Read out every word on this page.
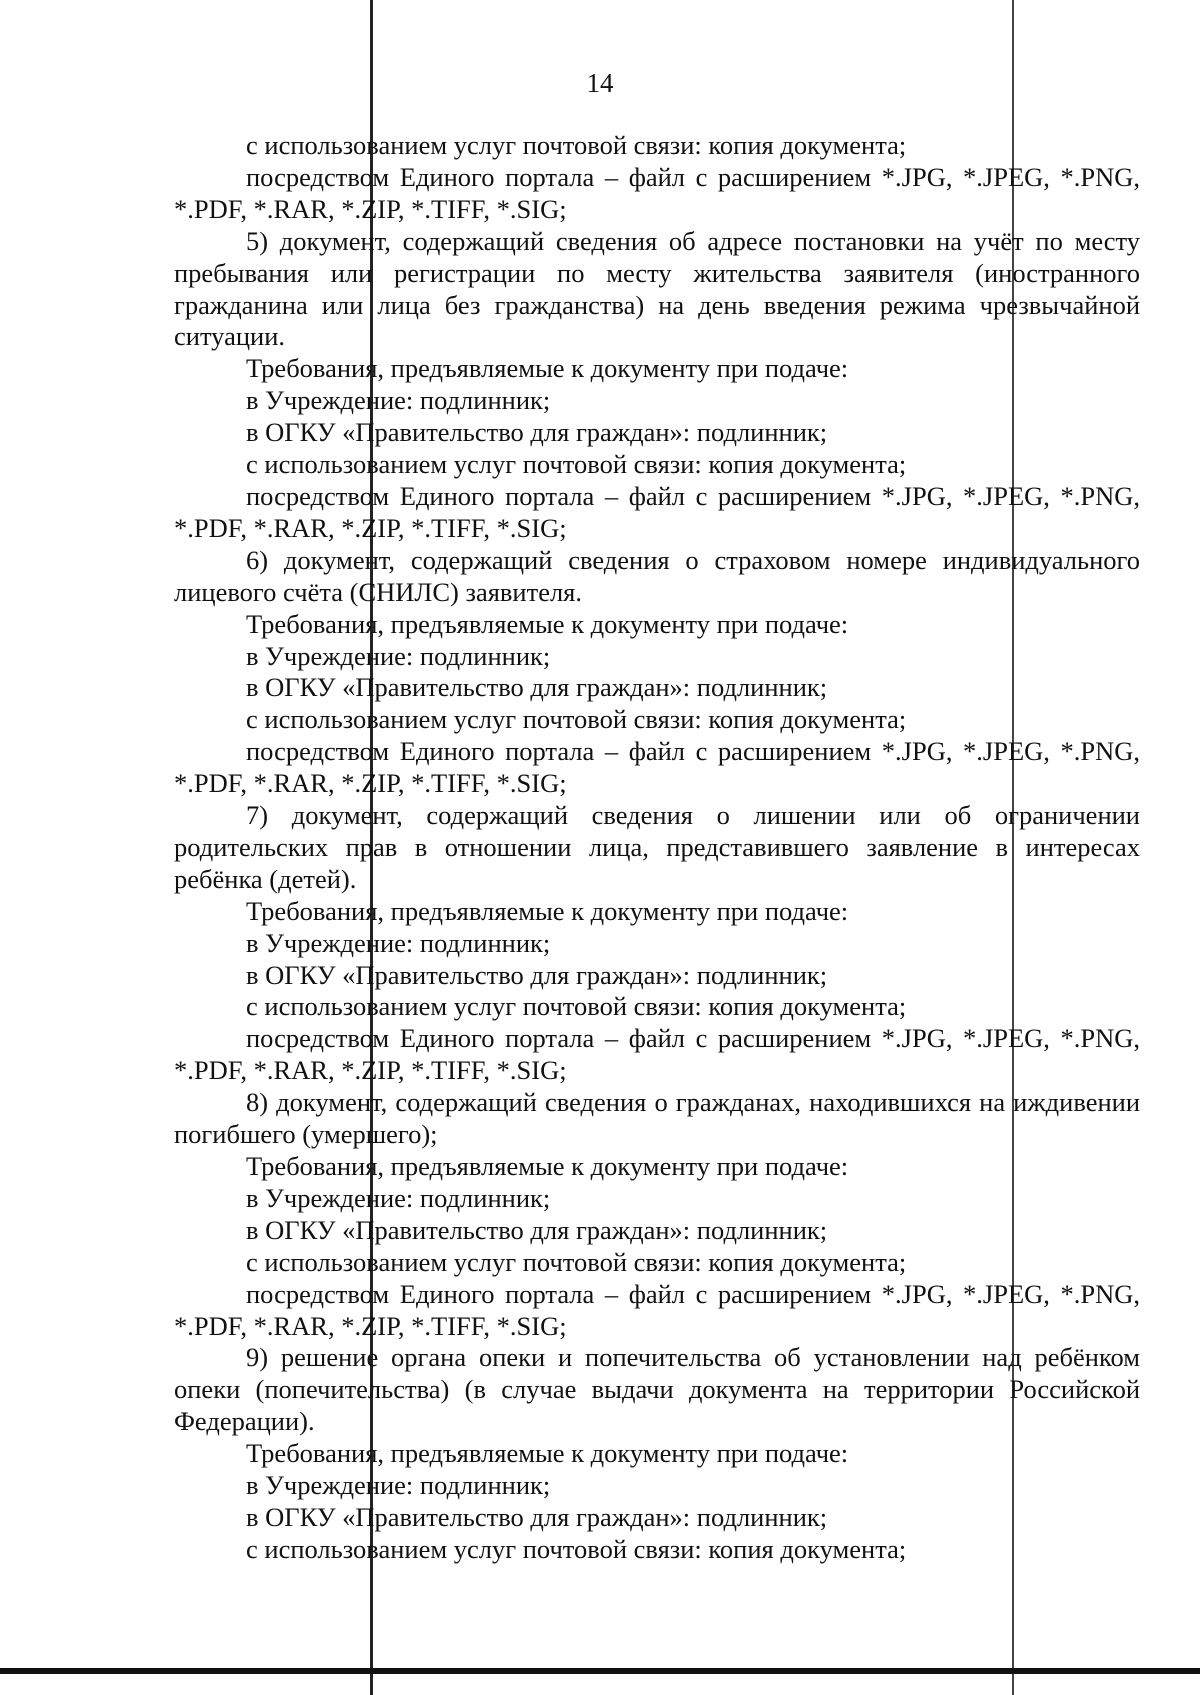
14

с использованием услуг почтовой связи: копия документа;

посредством Единого портала – файл с расширением *.JPG, *.JPEG, *.PNG, *.PDF, *.RAR, *.ZIP, *.TIFF, *.SIG;

5) документ, содержащий сведения об адресе постановки на учёт по месту пребывания или регистрации по месту жительства заявителя (иностранного гражданина или лица без гражданства) на день введения режима чрезвычайной ситуации.

Требования, предъявляемые к документу при подаче:

в Учреждение: подлинник;

в ОГКУ «Правительство для граждан»: подлинник;

с использованием услуг почтовой связи: копия документа;

посредством Единого портала – файл с расширением *.JPG, *.JPEG, *.PNG, *.PDF, *.RAR, *.ZIP, *.TIFF, *.SIG;

6) документ, содержащий сведения о страховом номере индивидуального лицевого счёта (СНИЛС) заявителя.

Требования, предъявляемые к документу при подаче:

в Учреждение: подлинник;

в ОГКУ «Правительство для граждан»: подлинник;

с использованием услуг почтовой связи: копия документа;

посредством Единого портала – файл с расширением *.JPG, *.JPEG, *.PNG, *.PDF, *.RAR, *.ZIP, *.TIFF, *.SIG;

7) документ, содержащий сведения о лишении или об ограничении родительских прав в отношении лица, представившего заявление в интересах ребёнка (детей).

Требования, предъявляемые к документу при подаче:

в Учреждение: подлинник;

в ОГКУ «Правительство для граждан»: подлинник;

с использованием услуг почтовой связи: копия документа;

посредством Единого портала – файл с расширением *.JPG, *.JPEG, *.PNG, *.PDF, *.RAR, *.ZIP, *.TIFF, *.SIG;

8) документ, содержащий сведения о гражданах, находившихся на иждивении погибшего (умершего);

Требования, предъявляемые к документу при подаче:

в Учреждение: подлинник;

в ОГКУ «Правительство для граждан»: подлинник;

с использованием услуг почтовой связи: копия документа;

посредством Единого портала – файл с расширением *.JPG, *.JPEG, *.PNG, *.PDF, *.RAR, *.ZIP, *.TIFF, *.SIG;

9) решение органа опеки и попечительства об установлении над ребёнком опеки (попечительства) (в случае выдачи документа на территории Российской Федерации).

Требования, предъявляемые к документу при подаче:

в Учреждение: подлинник;

в ОГКУ «Правительство для граждан»: подлинник;

с использованием услуг почтовой связи: копия документа;
